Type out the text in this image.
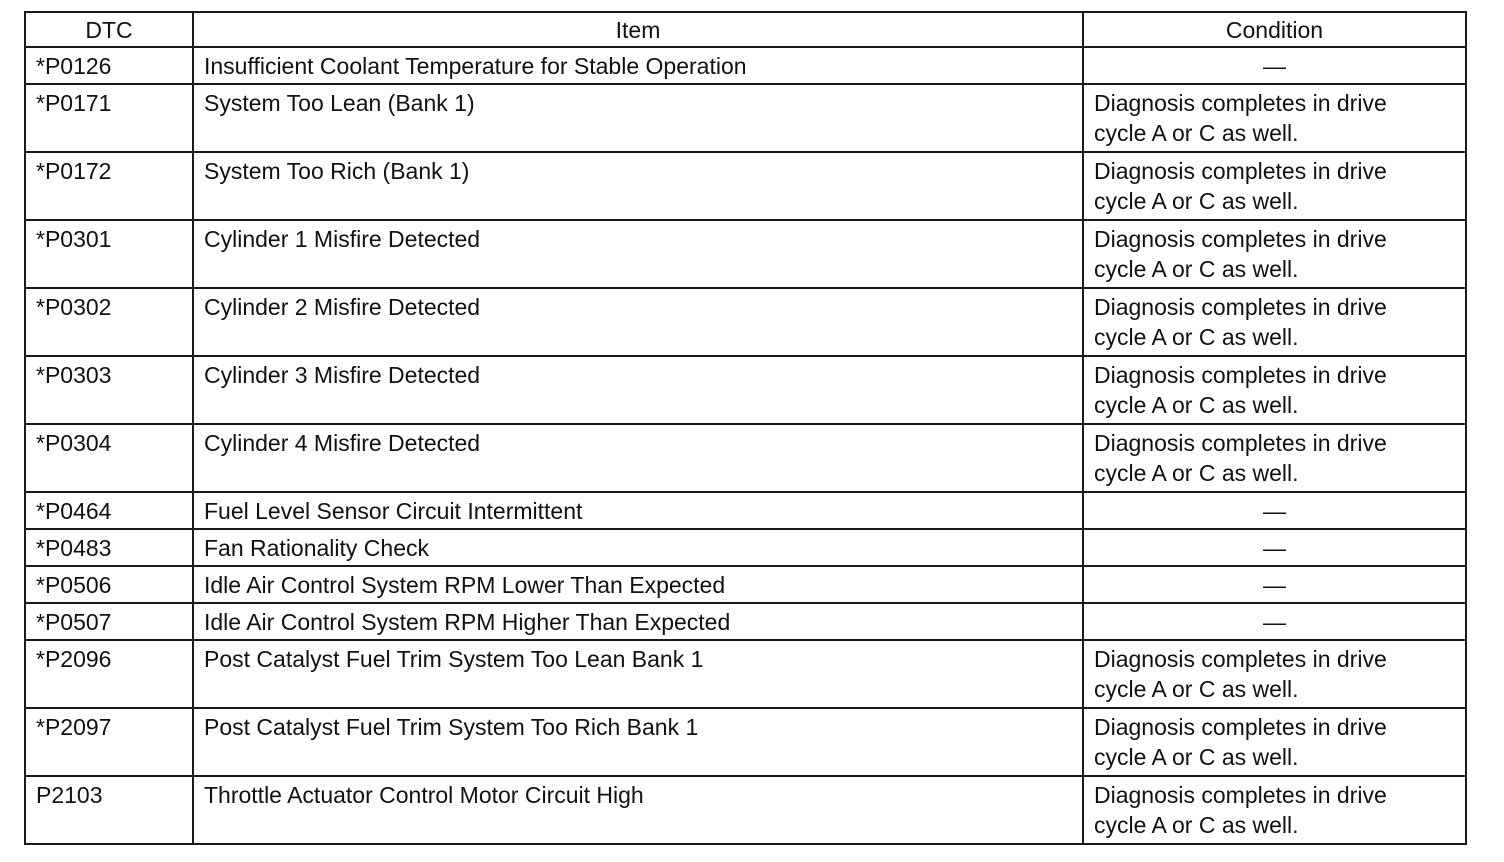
DTC	Item	Condition
*P0126	Insufficient Coolant Temperature for Stable Operation	—
*P0171	System Too Lean (Bank 1)	Diagnosis completes in drive
cycle A or C as well.
*P0172	System Too Rich (Bank 1)	Diagnosis completes in drive
cycle A or C as well.
*P0301	Cylinder 1 Misfire Detected	Diagnosis completes in drive
cycle A or C as well.
*P0302	Cylinder 2 Misfire Detected	Diagnosis completes in drive
cycle A or C as well.
*P0303	Cylinder 3 Misfire Detected	Diagnosis completes in drive
cycle A or C as well.
*P0304	Cylinder 4 Misfire Detected	Diagnosis completes in drive
cycle A or C as well.
*P0464	Fuel Level Sensor Circuit Intermittent	—
*P0483	Fan Rationality Check	—
*P0506	Idle Air Control System RPM Lower Than Expected	—
*P0507	Idle Air Control System RPM Higher Than Expected	—
*P2096	Post Catalyst Fuel Trim System Too Lean Bank 1	Diagnosis completes in drive
cycle A or C as well.
*P2097	Post Catalyst Fuel Trim System Too Rich Bank 1	Diagnosis completes in drive
cycle A or C as well.
P2103	Throttle Actuator Control Motor Circuit High	Diagnosis completes in drive
cycle A or C as well.
